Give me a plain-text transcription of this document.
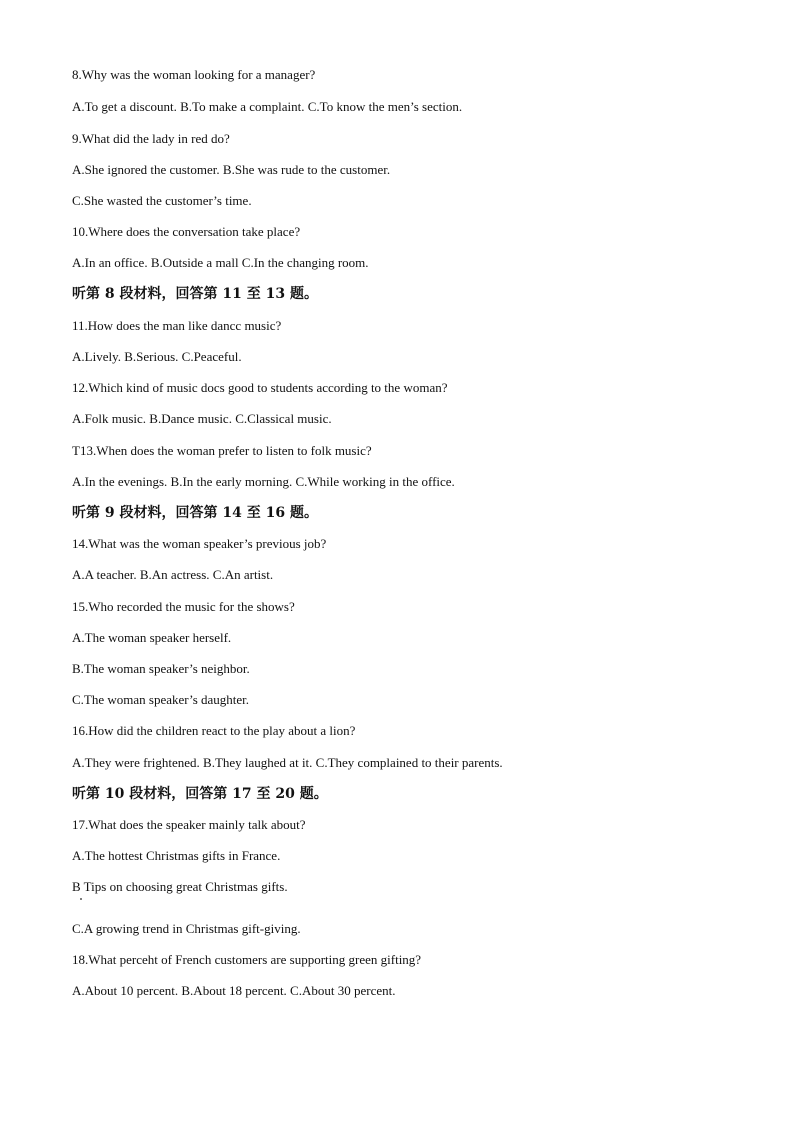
8.Why was the woman looking for a manager?
A.To get a discount. B.To make a complaint. C.To know the men’s section.
9.What did the lady in red do?
A.She ignored the customer. B.She was rude to the customer.
C.She wasted the customer’s time.
10.Where does the conversation take place?
A.In an office. B.Outside a mall C.In the changing room.
听第 8 段材料，回答第 11 至 13 题。
11.How does the man like dancc music?
A.Lively. B.Serious. C.Peaceful.
12.Which kind of music docs good to students according to the woman?
A.Folk music. B.Dance music. C.Classical music.
T13.When does the woman prefer to listen to folk music?
A.In the evenings. B.In the early morning. C.While working in the office.
听第 9 段材料，回答第 14 至 16 题。
14.What was the woman speaker’s previous job?
A.A teacher. B.An actress. C.An artist.
15.Who recorded the music for the shows?
A.The woman speaker herself.
B.The woman speaker’s neighbor.
C.The woman speaker’s daughter.
16.How did the children react to the play about a lion?
A.They were frightened. B.They laughed at it. C.They complained to their parents.
听第 10 段材料，回答第 17 至 20 题。
17.What does the speaker mainly talk about?
A.The hottest Christmas gifts in France.
B Tips on choosing great Christmas gifts.
C.A growing trend in Christmas gift-giving.
18.What perceht of French customers are supporting green gifting?
A.About 10 percent. B.About 18 percent. C.About 30 percent.
